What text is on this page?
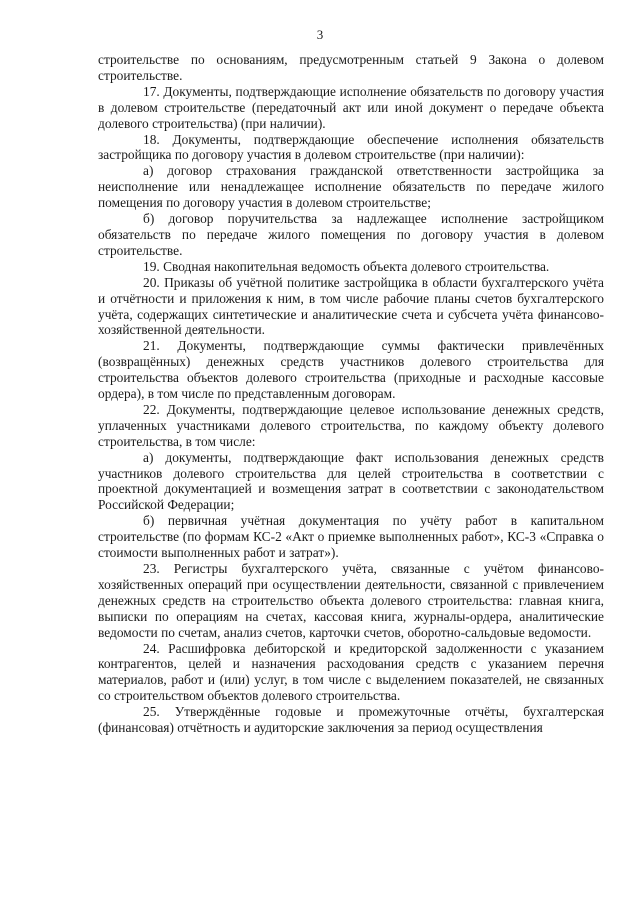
3

строительстве по основаниям, предусмотренным статьей 9 Закона о долевом строительстве.

17. Документы, подтверждающие исполнение обязательств по договору участия в долевом строительстве (передаточный акт или иной документ о передаче объекта долевого строительства) (при наличии).

18. Документы, подтверждающие обеспечение исполнения обязательств застройщика по договору участия в долевом строительстве (при наличии):

а) договор страхования гражданской ответственности застройщика за неисполнение или ненадлежащее исполнение обязательств по передаче жилого помещения по договору участия в долевом строительстве;

б) договор поручительства за надлежащее исполнение застройщиком обязательств по передаче жилого помещения по договору участия в долевом строительстве.

19. Сводная накопительная ведомость объекта долевого строительства.

20. Приказы об учётной политике застройщика в области бухгалтерского учёта и отчётности и приложения к ним, в том числе рабочие планы счетов бухгалтерского учёта, содержащих синтетические и аналитические счета и субсчета учёта финансово-хозяйственной деятельности.

21. Документы, подтверждающие суммы фактически привлечённых (возвращённых) денежных средств участников долевого строительства для строительства объектов долевого строительства (приходные и расходные кассовые ордера), в том числе по представленным договорам.

22. Документы, подтверждающие целевое использование денежных средств, уплаченных участниками долевого строительства, по каждому объекту долевого строительства, в том числе:

а) документы, подтверждающие факт использования денежных средств участников долевого строительства для целей строительства в соответствии с проектной документацией и возмещения затрат в соответствии с законодательством Российской Федерации;

б) первичная учётная документация по учёту работ в капитальном строительстве (по формам КС-2 «Акт о приемке выполненных работ», КС-3 «Справка о стоимости выполненных работ и затрат»).

23. Регистры бухгалтерского учёта, связанные с учётом финансово-хозяйственных операций при осуществлении деятельности, связанной с привлечением денежных средств на строительство объекта долевого строительства: главная книга, выписки по операциям на счетах, кассовая книга, журналы-ордера, аналитические ведомости по счетам, анализ счетов, карточки счетов, оборотно-сальдовые ведомости.

24. Расшифровка дебиторской и кредиторской задолженности с указанием контрагентов, целей и назначения расходования средств с указанием перечня материалов, работ и (или) услуг, в том числе с выделением показателей, не связанных со строительством объектов долевого строительства.

25. Утверждённые годовые и промежуточные отчёты, бухгалтерская (финансовая) отчётность и аудиторские заключения за период осуществления
